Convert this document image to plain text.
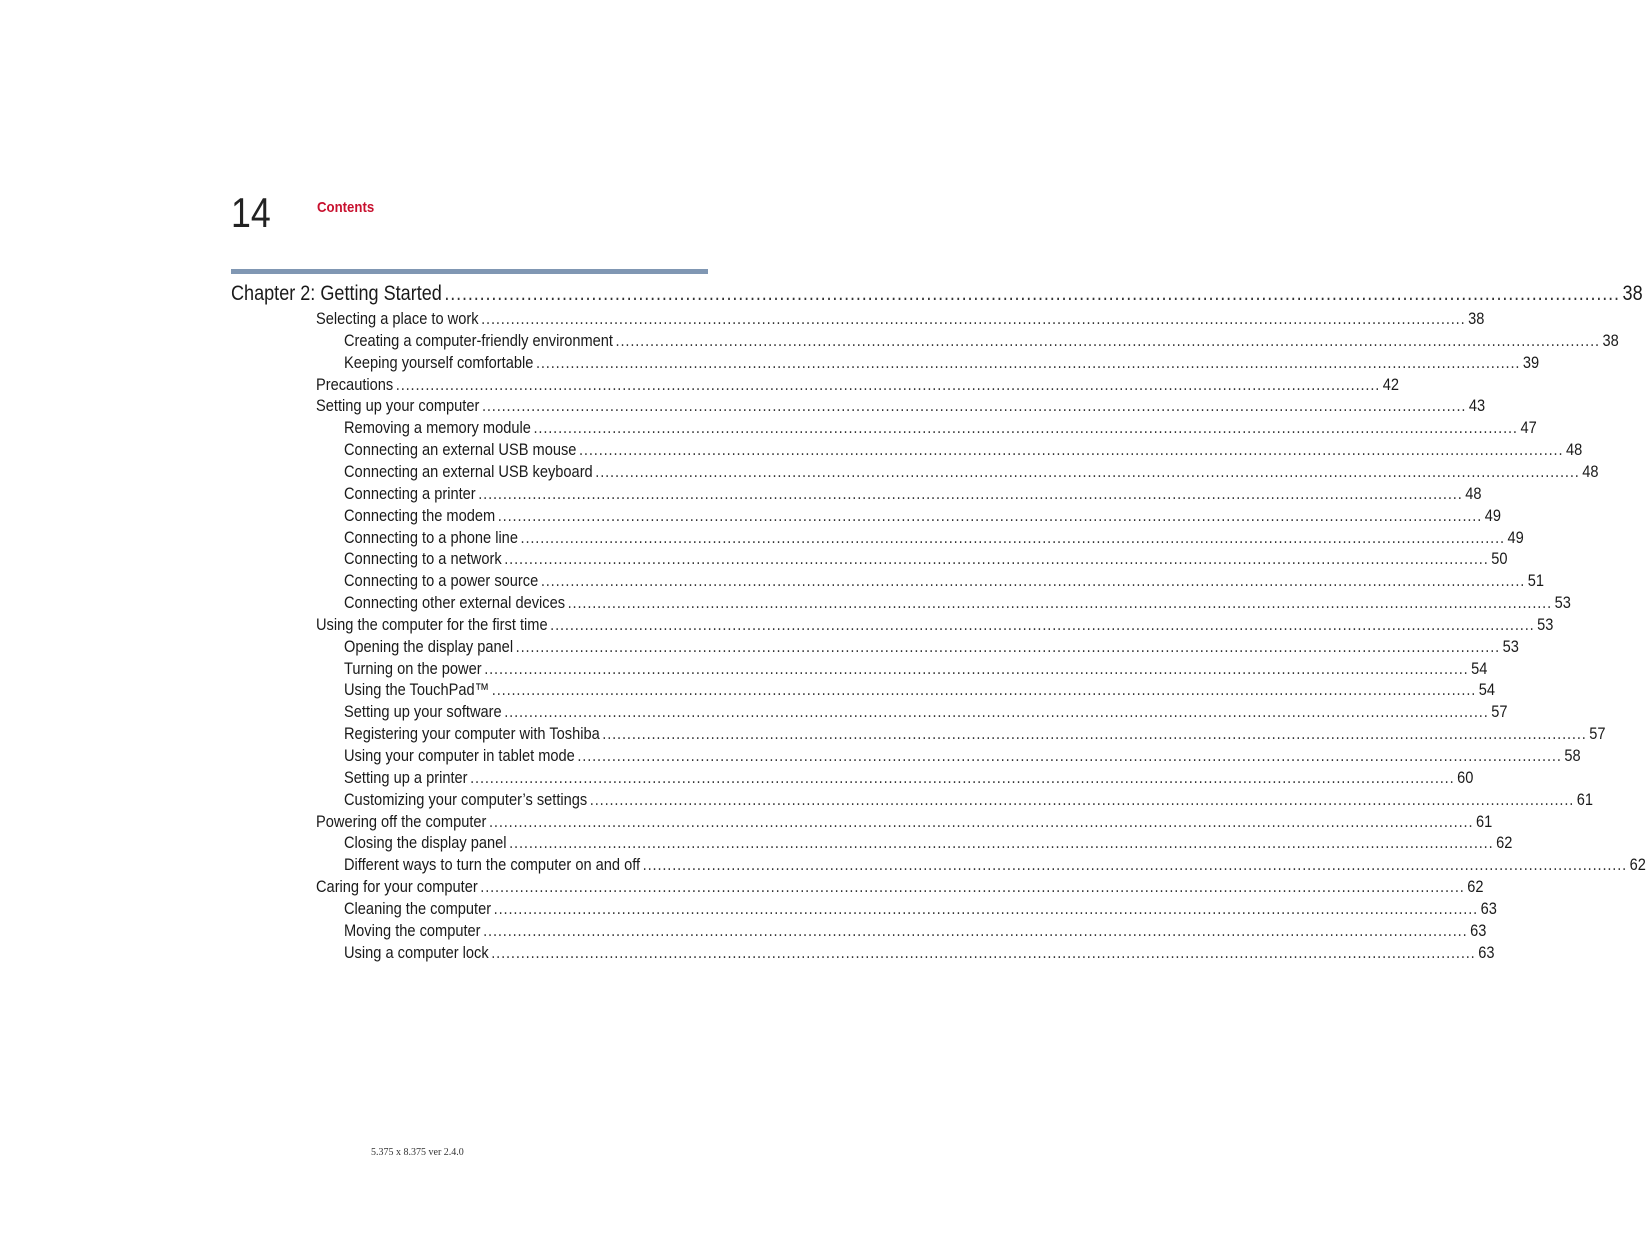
14	Contents
Chapter 2: Getting Started ........................................................................................................................................................................................................ 38
Selecting a place to work ........................................................................................................................................................................................................ 38
Creating a computer-friendly environment ........................................................................................................................................................................................................ 38
Keeping yourself comfortable ........................................................................................................................................................................................................ 39
Precautions ........................................................................................................................................................................................................ 42
Setting up your computer ........................................................................................................................................................................................................ 43
Removing a memory module ........................................................................................................................................................................................................ 47
Connecting an external USB mouse ........................................................................................................................................................................................................ 48
Connecting an external USB keyboard ........................................................................................................................................................................................................ 48
Connecting a printer ........................................................................................................................................................................................................ 48
Connecting the modem ........................................................................................................................................................................................................ 49
Connecting to a phone line ........................................................................................................................................................................................................ 49
Connecting to a network ........................................................................................................................................................................................................ 50
Connecting to a power source ........................................................................................................................................................................................................ 51
Connecting other external devices ........................................................................................................................................................................................................ 53
Using the computer for the first time ........................................................................................................................................................................................................ 53
Opening the display panel ........................................................................................................................................................................................................ 53
Turning on the power ........................................................................................................................................................................................................ 54
Using the TouchPad™ ........................................................................................................................................................................................................ 54
Setting up your software ........................................................................................................................................................................................................ 57
Registering your computer with Toshiba ........................................................................................................................................................................................................ 57
Using your computer in tablet mode ........................................................................................................................................................................................................ 58
Setting up a printer ........................................................................................................................................................................................................ 60
Customizing your computer’s settings ........................................................................................................................................................................................................ 61
Powering off the computer ........................................................................................................................................................................................................ 61
Closing the display panel ........................................................................................................................................................................................................ 62
Different ways to turn the computer on and off ........................................................................................................................................................................................................ 62
Caring for your computer ........................................................................................................................................................................................................ 62
Cleaning the computer ........................................................................................................................................................................................................ 63
Moving the computer ........................................................................................................................................................................................................ 63
Using a computer lock ........................................................................................................................................................................................................ 63
5.375 x 8.375 ver 2.4.0
